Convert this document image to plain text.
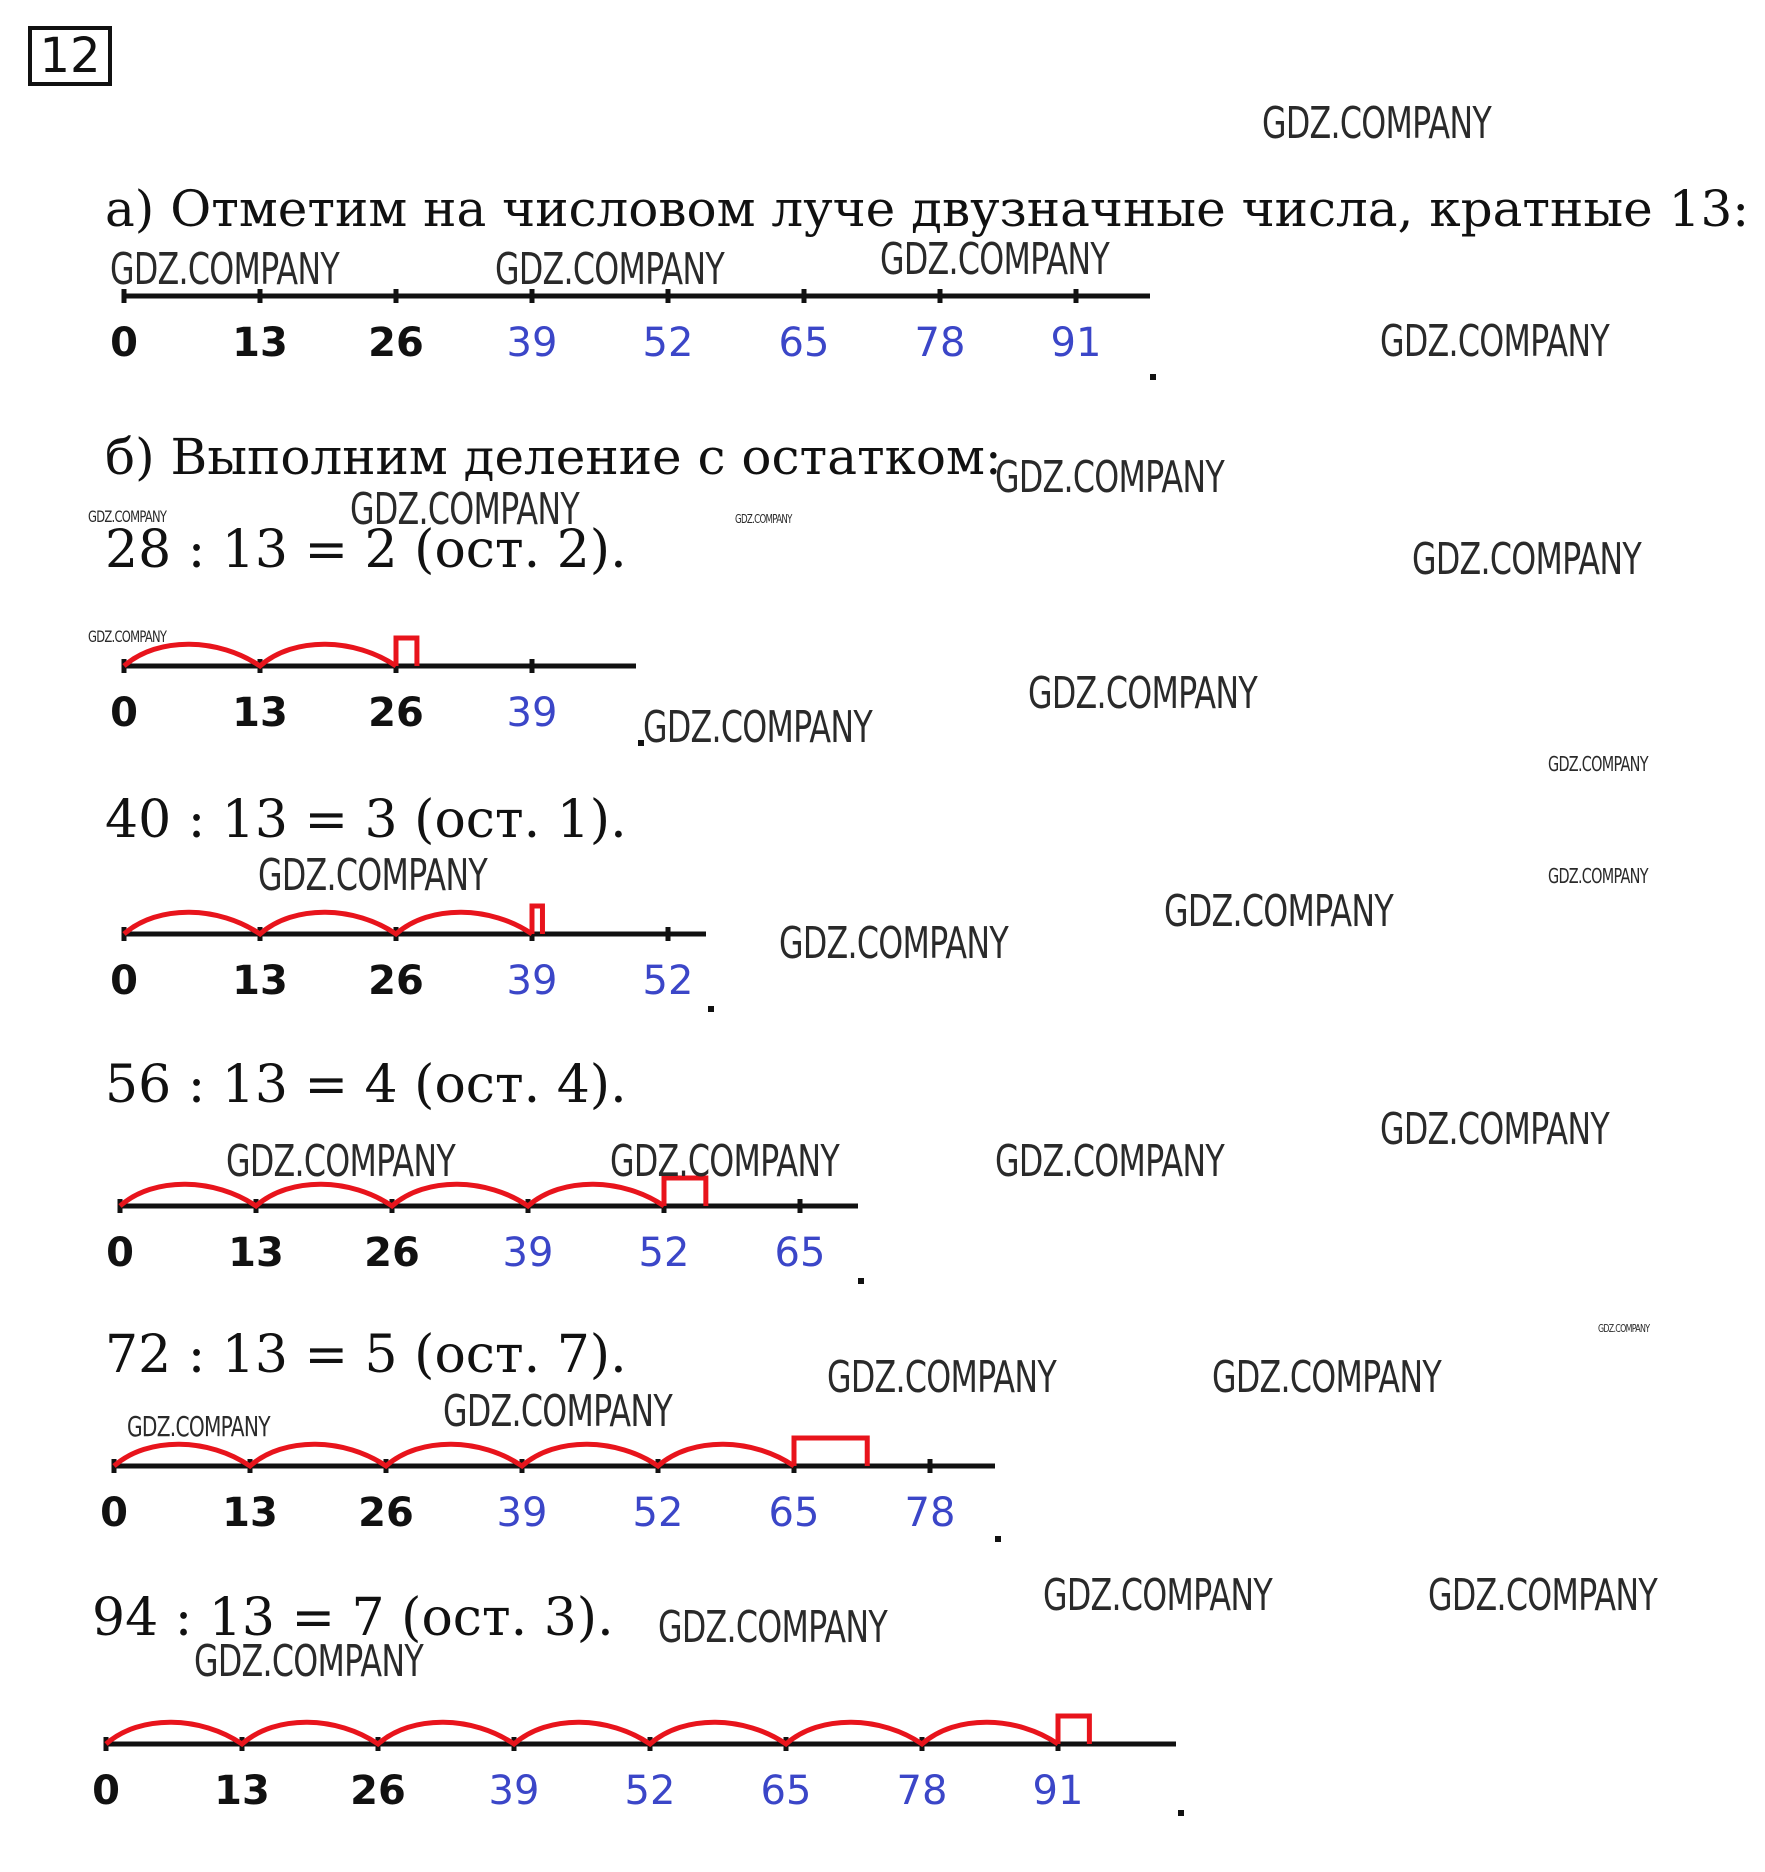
12
а) Отметим на числовом луче двузначные числа, кратные 13:
0 13 26 39 52 65 78 91
0 13 26 39
0 13 26 39 52
0 13 26 39 52 65
0 13 26 39 52 65 78
0 13 26 39 52 65 78 91
б) Выполним деление с остатком:
28 : 13 = 2 (ост. 2).
40 : 13 = 3 (ост. 1).
56 : 13 = 4 (ост. 4).
72 : 13 = 5 (ост. 7).
94 : 13 = 7 (ост. 3).
GDZ.COMPANY
GDZ.COMPANY	GDZ.COMPANY	GDZ.COMPANY
GDZ.COMPANY
GDZ.COMPANY
GDZ.COMPANY
GDZ.COMPANY	GDZ.COMPANY
GDZ.COMPANY
GDZ.COMPANY
GDZ.COMPANY
GDZ.COMPANY
GDZ.COMPANY
GDZ.COMPANY	GDZ.COMPANY
GDZ.COMPANY
GDZ.COMPANY
GDZ.COMPANY
GDZ.COMPANY	GDZ.COMPANY	GDZ.COMPANY
GDZ.COMPANY
GDZ.COMPANY	GDZ.COMPANY
GDZ.COMPANY
GDZ.COMPANY
GDZ.COMPANY	GDZ.COMPANY
GDZ.COMPANY
GDZ.COMPANY
